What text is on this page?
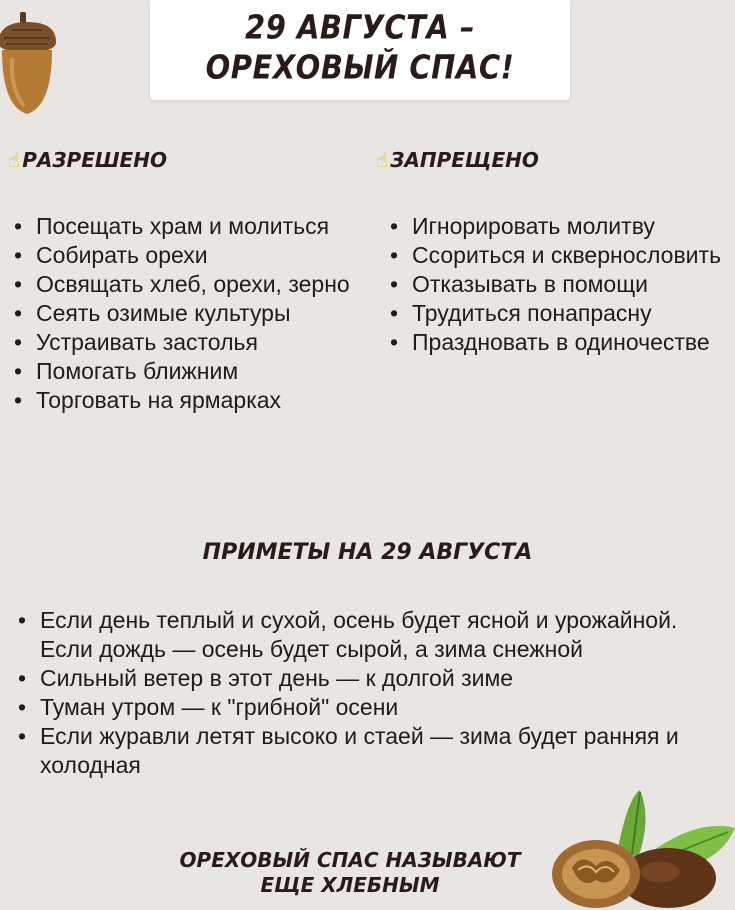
29 АВГУСТА –
ОРЕХОВЫЙ СПАС!
☝ РАЗРЕШЕНО	☝ ЗАПРЕЩЕНО
• Посещать храм и молиться
• Собирать орехи
• Освящать хлеб, орехи, зерно
• Сеять озимые культуры
• Устраивать застолья
• Помогать ближним
• Торговать на ярмарках
• Игнорировать молитву
• Ссориться и сквернословить
• Отказывать в помощи
• Трудиться понапрасну
• Праздновать в одиночестве
ПРИМЕТЫ НА 29 АВГУСТА
• Если день теплый и сухой, осень будет ясной и урожайной. Если дождь — осень будет сырой, а зима снежной
• Сильный ветер в этот день — к долгой зиме
• Туман утром — к "грибной" осени
• Если журавли летят высоко и стаей — зима будет ранняя и холодная
ОРЕХОВЫЙ СПАС НАЗЫВАЮТ
ЕЩЕ ХЛЕБНЫМ
